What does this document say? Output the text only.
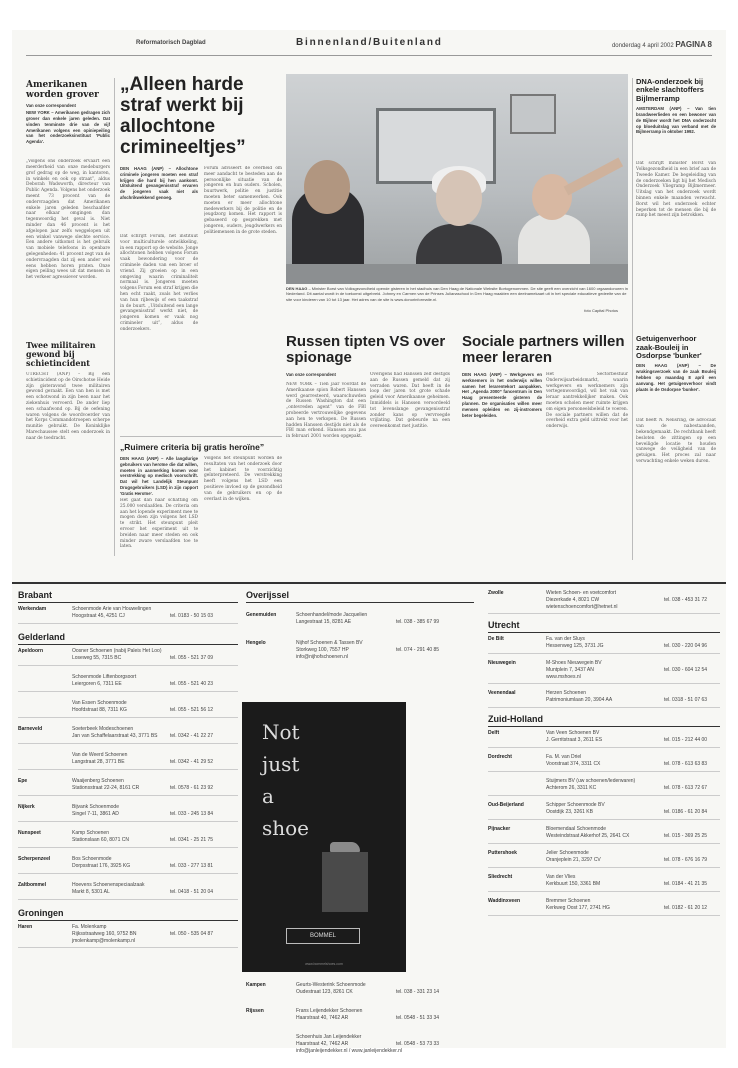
Reformatorisch Dagblad	Binnenland/Buitenland	donderdag 4 april 2002 PAGINA 8
Amerikanen worden grover
Van onze correspondent
NEW YORK – Amerikanen gedragen zich grover dan enkele jaren geleden. Dat vinden tenminste drie van de vijf Amerikanen volgens een opiniepeiling van het onderzoeksinstituut 'Public Agenda'.
„Volgens ons onderzoek ervaart een meerderheid van onze medeburgers grof gedrag op de weg, in kantoren, in winkels en ook op straat”, aldus Deborah Wadsworth, directeur van Public Agenda. Volgens het onderzoek meent 73 procent van de ondervraagden dat Amerikanen enkele jaren geleden beschaafder naar elkaar omgingen dan tegenwoordig het geval is. Niet minder dan 46 procent is het afgelopen jaar zelfs weggelopen uit een winkel vanwege slechte service. Een andere uitkomst is het gebruik van mobiele telefoons in openbare gelegenheden: 41 procent zegt van de ondervraagden dat zij een ander wel eens hebben horen praten. Onze eigen peiling wees uit dat mensen in het verkeer agressiever worden.
Twee militairen gewond bij schietincident
UTRECHT (ANP) – Bij een schietincident op de Oirschotse Heide zijn gisteravond twee militairen gewond geraakt. Een van hen is met een schotwond in zijn been naar het ziekenhuis vervoerd. De ander liep een schaafwond op. Bij de oefening waren volgens de woordvoerder van het Korps Commandotroepen scherpe munitie gebruikt. De Koninklijke Marechaussee stelt een onderzoek in naar de toedracht.
„Alleen harde straf werkt bij allochtone crimineeltjes”
DEN HAAG (ANP) – Allochtone criminele jongeren moeten een straf krijgen die hard bij hen aankomt. Uitsluitend gevangenisstraf ervaren de jongeren vaak niet als afschrikwekkend genoeg.
Dat schrijft Forum, het instituut voor multiculturele ontwikkeling, in een rapport op de website. Jonge allochtonen hebben volgens Forum vaak bewondering voor de criminele daden van een broer of vriend. Zij groeien op in een omgeving waarin criminaliteit normaal is. Jongeren moeten volgens Forum een straf krijgen die hen echt raakt, zoals het verlies van hun rijbewijs of een taakstraf in de buurt. „Uitsluitend een lange gevangenisstraf werkt niet, de jongeren komen er vaak nog crimineler uit”, aldus de onderzoekers.
Forum adviseert de overheid om meer aandacht te besteden aan de persoonlijke situatie van de jongeren en hun ouders. Scholen, buurtwerk, politie en justitie moeten beter samenwerken. Ook moeten er meer allochtone medewerkers bij de politie en de jeugdzorg komen. Het rapport is gebaseerd op gesprekken met jongeren, ouders, jeugdwerkers en politiemensen in de grote steden.
„Ruimere criteria bij gratis heroïne”
DEN HAAG (ANP) – Alle langdurige gebruikers van heroïne die dat willen, moeten in aanmerking komen voor verstrekking op medisch voorschrift. Dat wil het Landelijk Steunpunt Drugsgebruikers (LSD) in zijn rapport 'Gratis Heroïne'.
Het gaat dan naar schatting om 25.000 verslaafden. De criteria om aan het lopende experiment mee te mogen doen zijn volgens het LSD te strikt. Het steunpunt pleit ervoor het experiment uit te breiden naar meer steden en ook minder zware verslaafden toe te laten.
Volgens het steunpunt worden de resultaten van het onderzoek door het kabinet te voorzichtig geïnterpreteerd. De verstrekking heeft volgens het LSD een positieve invloed op de gezondheid van de gebruikers en op de overlast in de wijken.
DEN HAAG – Minister Borst van Volksgezondheid opende gisteren in het stadhuis van Den Haag de Nationale Website Bortogenommen. De site geeft een overzicht van 1600 orgaandonoren in Nederland. Dit aantal wordt in de toekomst uitgebreid. Johnny en Carmen van de Prinses Julianaschool in Den Haag maakten een deelnamekaart uit in het speciale educatieve gedeelte van de site voor kinderen van 10 tot 13 jaar. Het adres van de site is www.donorinformatie.nl.
foto Capital Photos
Russen tipten VS over spionage
Van onze correspondent
NEW YORK – Tien jaar voordat de Amerikaanse spion Robert Hanssen werd gearresteerd, waarschuwden de Russen Washington dat een „ontevreden agent” van de FBI probeerde vertrouwelijke gegevens aan hen te verkopen. De Russen hadden Hanssen destijds niet als de FBI man erkend. Hanssen zou pas in februari 2001 worden opgepakt.
Overigens had Hanssen zelf destijds aan de Russen gemeld dat zij verraden waren. Dat heeft in de loop der jaren tot grote schade geleid voor Amerikaanse geheimen. Inmiddels is Hanssen veroordeeld tot levenslange gevangenisstraf zonder kans op vervroegde vrijlating. Dat gebeurde na een overeenkomst met justitie.
Sociale partners willen meer leraren
DEN HAAG (ANP) – Werkgevers en werknemers in het onderwijs willen samen het lerarentekort aanpakken. Het „Agenda 2000” fancentrum in Den Haag presenteerde gisteren de plannen. De organisaties willen meer mensen opleiden en zij-instromers beter begeleiden.
Het Sectorbestuur Onderwijsarbeidsmarkt, waarin werkgevers en werknemers zijn vertegenwoordigd, wil het vak van leraar aantrekkelijker maken. Ook moeten scholen meer ruimte krijgen om eigen personeelsbeleid te voeren. De sociale partners willen dat de overheid extra geld uittrekt voor het onderwijs.
DNA-onderzoek bij enkele slachtoffers Bijlmerramp
AMSTERDAM (ANP) – Van tien brandweerlieden en een bewoner van de Bijlmer wordt het DNA onderzocht op bloeduitslag van verband met de Bijlmerramp in oktober 1992.
Dat schrijft minister Borst van Volksgezondheid in een brief aan de Tweede Kamer. De begeleiding van de onderzoeken ligt bij het Medisch Onderzoek Vliegramp Bijlmermeer. Uitslag van het onderzoek wordt binnen enkele maanden verwacht. Borst wil het onderzoek echter beperken tot de mensen die bij de ramp het meest zijn betrokken.
Getuigenverhoor zaak-Bouleij in Osdorpse 'bunker'
DEN HAAG (ANP) – De wrakingsverzoek van de zaak Bouleij hebben op maandag 8 april een aanvang. Het getuigenverhoor vindt plaats in de Osdorpse 'bunker'.
Dat heeft N. Nelisring, de advocaat van de nabestaanden, bekendgemaakt. De rechtbank heeft besloten de zittingen op een beveiligde locatie te houden vanwege de veiligheid van de getuigen. Het proces zal naar verwachting enkele weken duren.
Brabant
Werkendam	Schoenmode Arie van Houwelingen
Hoogstraat 45, 4251 CJ	tel. 0183 - 50 15 03
Gelderland
Apeldoorn	Oosner Schoenen (nabij Paleis Het Loo)
Loseweg 55, 7315 BC	tel. 055 - 521 37 09
Schoenmode Liftenborgsoort
Leiergoren 6, 7311 EE	tel. 055 - 521 40 23
Van Essen Schoenmode
Hoofdstraat 88, 7311 KG	tel. 055 - 521 56 12
Barneveld	Soeterbeek Modeschoenen
Jan van Schaffelaarstraat 43, 3771 BS tel. 0342 - 41 22 27
Van de Weerd Schoenen
Langstraat 28, 3771 BE	tel. 0342 - 41 29 52
Epe	Waaijenberg Schoenen
Stationsstraat 22-24, 8161 CR	tel. 0578 - 61 23 92
Nijkerk	Bijvank Schoenmode
Singel 7-11, 3861 AD	tel. 033 - 245 13 84
Nunspeet	Kamp Schoenen
Stationslaan 60, 8071 CN	tel. 0341 - 25 21 75
Scherpenzeel	Bos Schoenmode
Dorpsstraat 176, 3925 KG	tel. 033 - 277 13 81
Zaltbommel	Hoevens Schoenenspeciaalzaak
Markt 8, 5301 AL	tel. 0418 - 51 20 04
Groningen
Haren	Fa. Molenkamp
Rijksstraatweg 160, 9752 BN	tel. 050 - 535 04 87
jmolenkamp@molenkamp.nl
Overijssel
Genemuiden	Schoenhandel/mode Jacquelien
Langestraat 15, 8281 AE	tel. 038 - 385 67 99
Hengelo	Nijhof Schoenen & Tassen BV
Storkweg 100, 7557 HP	tel. 074 - 291 40 85
info@nijhofschoenen.nl
Kampen	Geurts-Westerink Schoenmode
Oudestraat 123, 8261 CK	tel. 038 - 331 23 14
Rijssen	Frans Leijendekker Schoenen
Haarstraat 40, 7462 AR	tel. 0548 - 51 33 34
Schoenhuis Jan Leijendekker
Haarstraat 42, 7462 AR	tel. 0548 - 53 73 33
info@janleijendekker.nl / www.janleijendekker.nl
Zwolle	Wieten Schoen- en voetcomfort
Diezerkade 4, 8021 CW	tel. 038 - 453 31 72
wietenschoencomfort@hetnet.nl
Utrecht
De Bilt	Fa. van der Sluys
Hessenweg 125, 3731 JG	tel. 030 - 220 04 96
Nieuwegein	M-Shoes Nieuwegein BV
Muntplein 7, 3437 AN	tel. 030 - 604 12 54
www.mshoes.nl
Veenendaal	Herzen Schoenen
Patrimoniumlaan 20, 3904 AA	tel. 0318 - 51 07 63
Zuid-Holland
Delft	Van Veen Schoenen BV
J. Gerritstraat 3, 2611 ES	tel. 015 - 212 44 00
Dordrecht	Fa. M. van Driel
Voorstraat 374, 3311 CX	tel. 078 - 613 63 83
Stuijmers BV (uw schoenen/lederwaren)
Achterom 26, 3311 KC	tel. 078 - 613 72 67
Oud-Beijerland	Schipper Schoenmode BV
Oostdijk 23, 3261 KB	tel. 0186 - 61 20 84
Pijnacker	Bloemendaal Schoenmode
Westeindstraat Akkerhof 25, 2641 CX	tel. 015 - 369 25 25
Puttershoek	Jelier Schoenmode
Oranjeplein 21, 3297 CV	tel. 078 - 676 16 79
Sliedrecht	Van der Vlies
Kerkbuurt 150, 3361 BM	tel. 0184 - 41 21 35
Waddinxveen	Bremmer Schoenen
Kerkweg Oost 177, 2741 HG	tel. 0182 - 61 20 12
Not
just
a
shoe
BOMMEL
www.bommelshoes.com
